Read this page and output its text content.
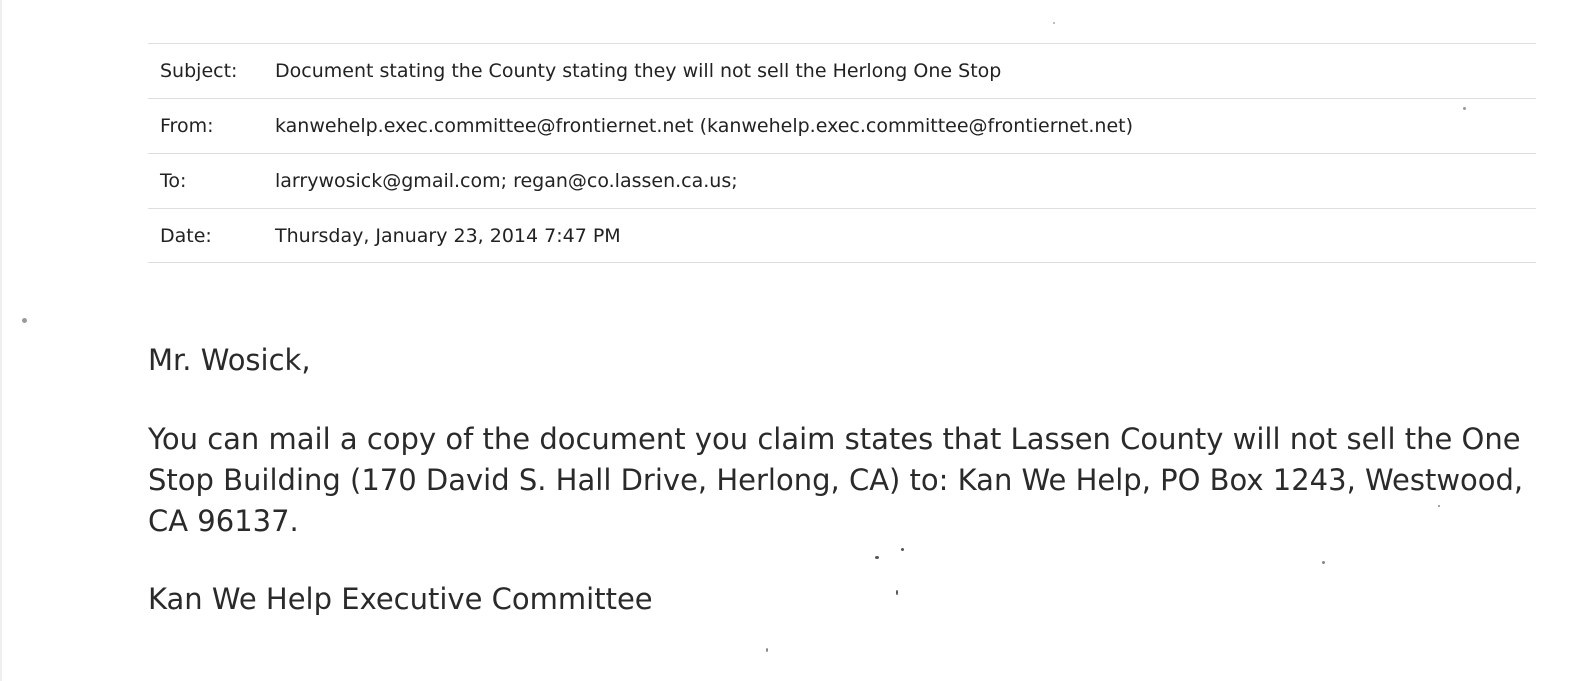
Subject:	Document stating the County stating they will not sell the Herlong One Stop
From:	kanwehelp.exec.committee@frontiernet.net (kanwehelp.exec.committee@frontiernet.net)
To:	larrywosick@gmail.com; regan@co.lassen.ca.us;
Date:	Thursday, January 23, 2014 7:47 PM

Mr. Wosick,

You can mail a copy of the document you claim states that Lassen County will not sell the One Stop Building (170 David S. Hall Drive, Herlong, CA) to: Kan We Help, PO Box 1243, Westwood, CA 96137.

Kan We Help Executive Committee
